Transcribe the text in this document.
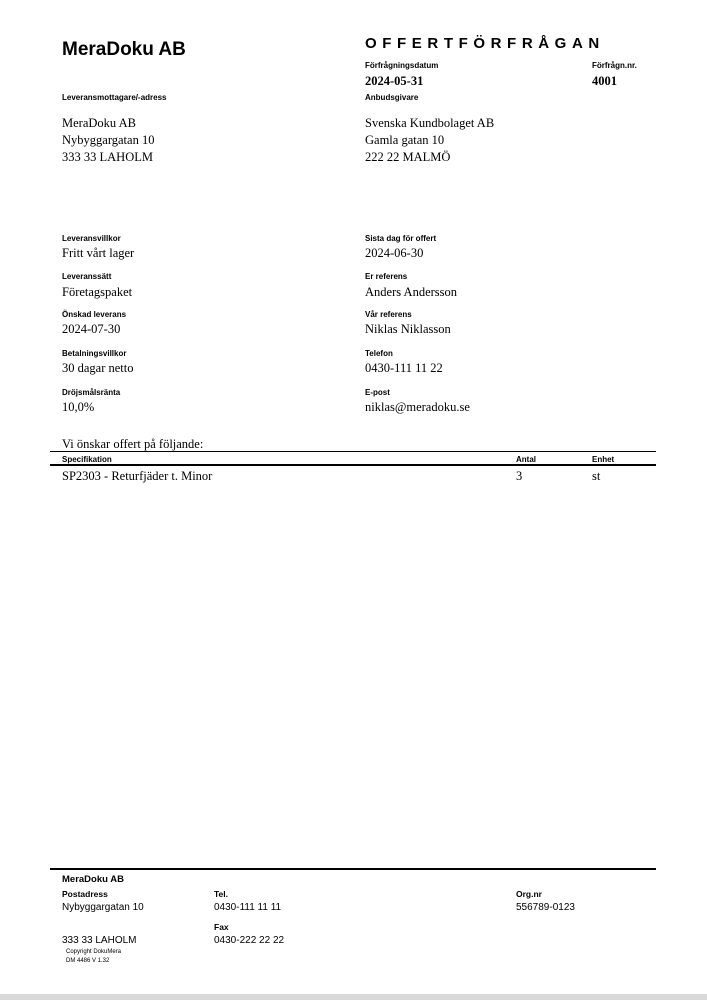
MeraDoku AB	OFFERTFÖRFRÅGAN
Förfrågningsdatum
2024-05-31
Förfrågn.nr.
4001
Leveransmottagare/-adress
MeraDoku AB
Nybyggargatan 10
333 33 LAHOLM
Anbudsgivare
Svenska Kundbolaget AB
Gamla gatan 10
222 22 MALMÖ
Leveransvillkor
Fritt vårt lager
Leveranssätt
Företagspaket
Önskad leverans
2024-07-30
Betalningsvillkor
30 dagar netto
Dröjsmålsränta
10,0%
Sista dag för offert
2024-06-30
Er referens
Anders Andersson
Vår referens
Niklas Niklasson
Telefon
0430-111 11 22
E-post
niklas@meradoku.se
Vi önskar offert på följande:
Specifikation	Antal	Enhet
SP2303 - Returfjäder t. Minor	3	st
MeraDoku AB
Postadress
Nybyggargatan 10
333 33 LAHOLM
Copyright DokuMera
DM 4486 V 1.32
Tel.
0430-111 11 11
Fax
0430-222 22 22
Org.nr
556789-0123
